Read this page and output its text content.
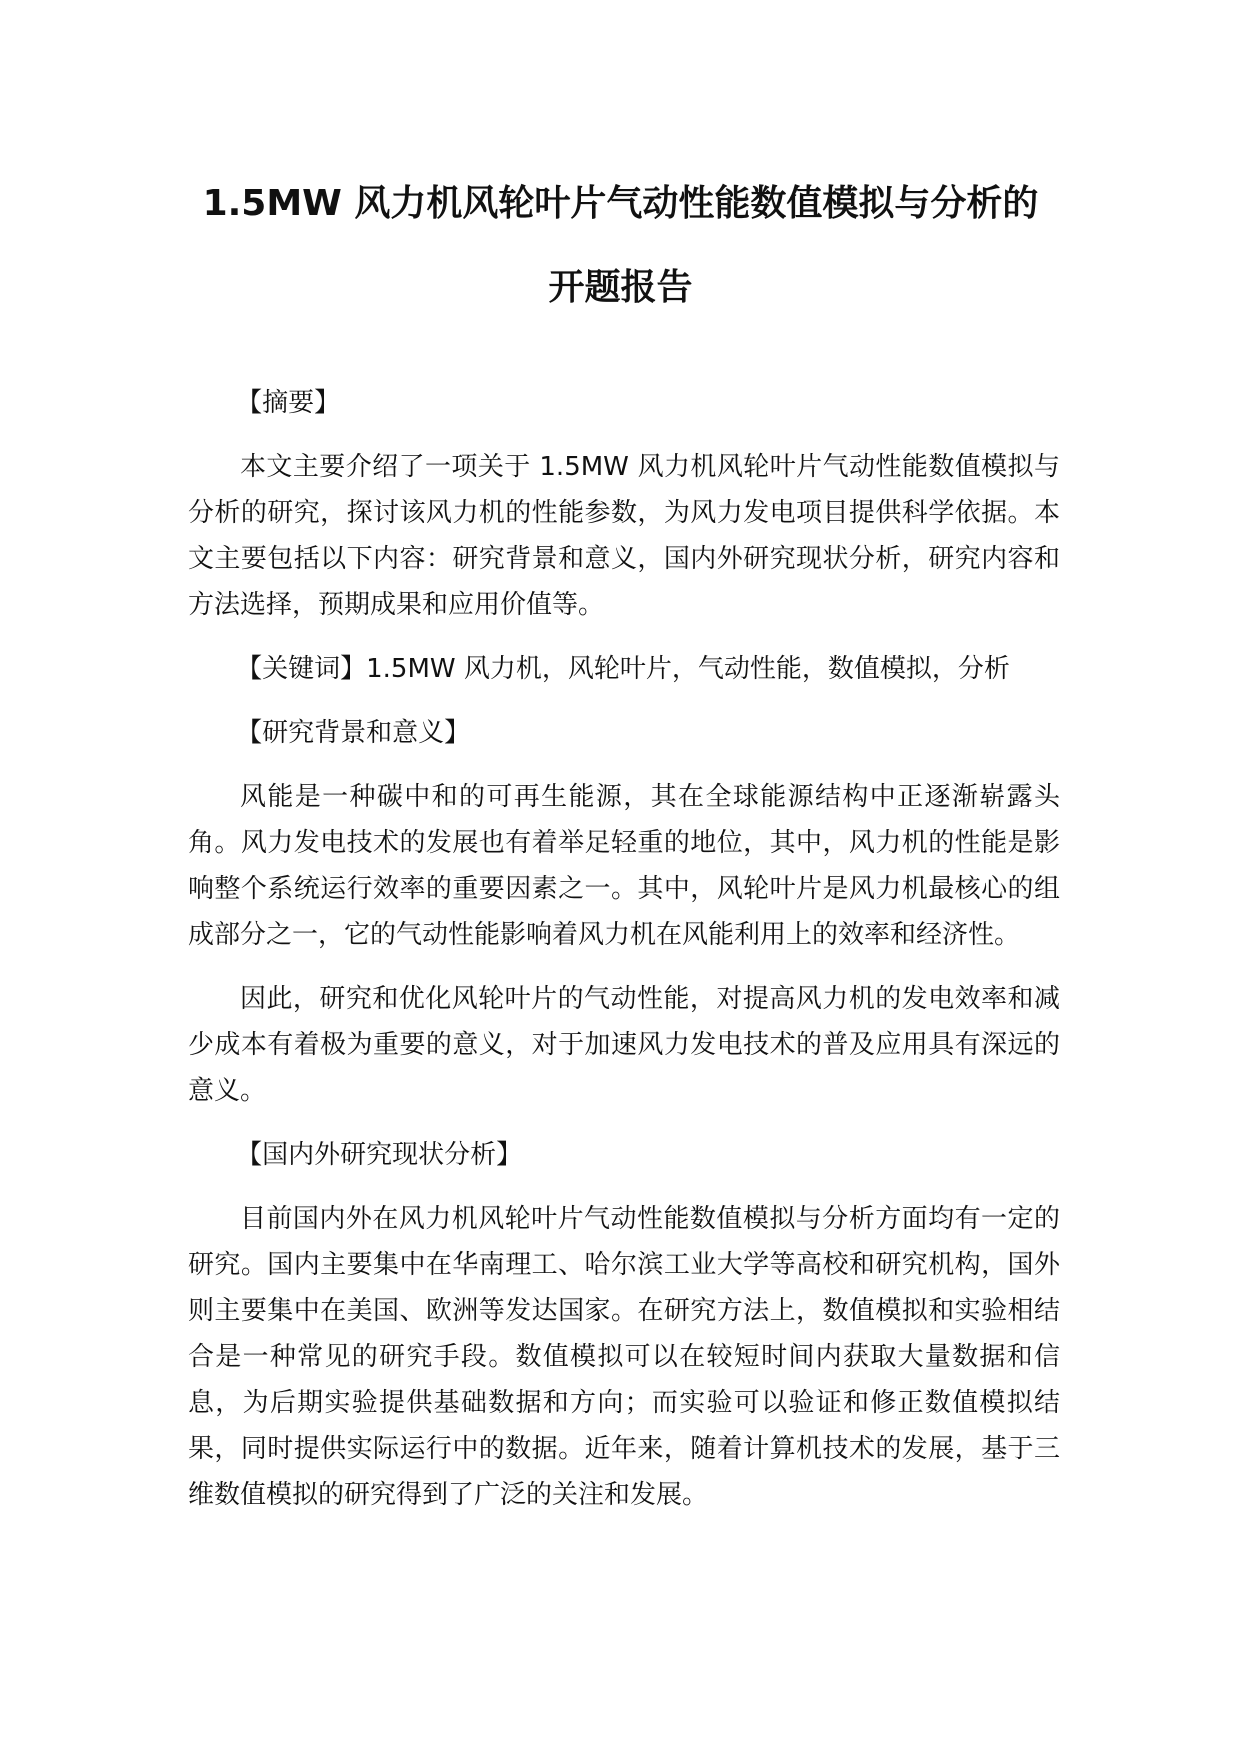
1.5MW 风力机风轮叶片气动性能数值模拟与分析的
开题报告

【摘要】

本文主要介绍了一项关于 1.5MW 风力机风轮叶片气动性能数值模拟与分析的研究，探讨该风力机的性能参数，为风力发电项目提供科学依据。本文主要包括以下内容：研究背景和意义，国内外研究现状分析，研究内容和方法选择，预期成果和应用价值等。

【关键词】1.5MW 风力机，风轮叶片，气动性能，数值模拟，分析

【研究背景和意义】

风能是一种碳中和的可再生能源，其在全球能源结构中正逐渐崭露头角。风力发电技术的发展也有着举足轻重的地位，其中，风力机的性能是影响整个系统运行效率的重要因素之一。其中，风轮叶片是风力机最核心的组成部分之一，它的气动性能影响着风力机在风能利用上的效率和经济性。

因此，研究和优化风轮叶片的气动性能，对提高风力机的发电效率和减少成本有着极为重要的意义，对于加速风力发电技术的普及应用具有深远的意义。

【国内外研究现状分析】

目前国内外在风力机风轮叶片气动性能数值模拟与分析方面均有一定的研究。国内主要集中在华南理工、哈尔滨工业大学等高校和研究机构，国外则主要集中在美国、欧洲等发达国家。在研究方法上，数值模拟和实验相结合是一种常见的研究手段。数值模拟可以在较短时间内获取大量数据和信息，为后期实验提供基础数据和方向；而实验可以验证和修正数值模拟结果，同时提供实际运行中的数据。近年来，随着计算机技术的发展，基于三维数值模拟的研究得到了广泛的关注和发展。
